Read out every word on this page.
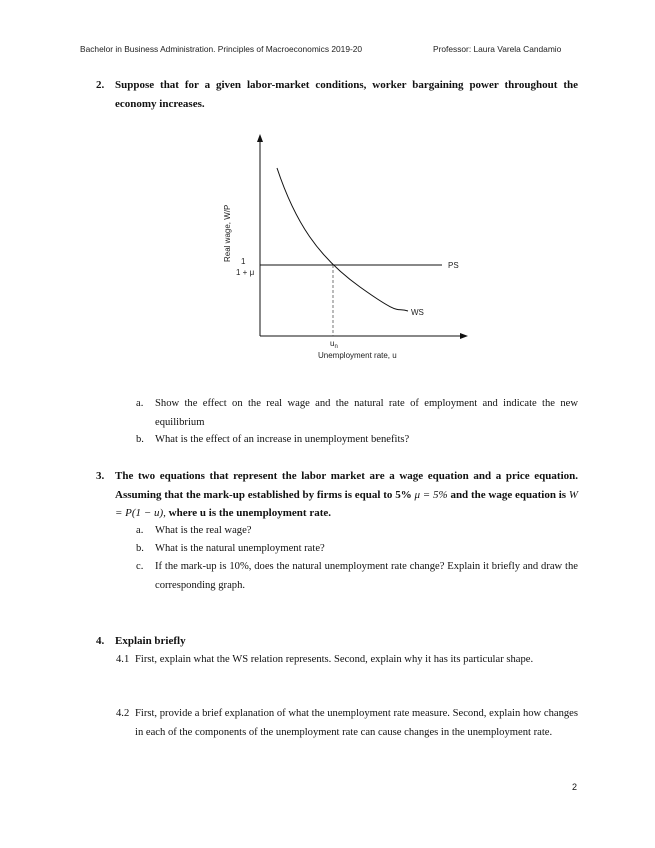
Bachelor in Business Administration. Principles of Macroeconomics 2019-20	Professor: Laura Varela Candamio
2. Suppose that for a given labor-market conditions, worker bargaining power throughout the economy increases.
Real wage, W/P 1
1 + μ
PS
WS
$u_n$
Unemployment rate, u
a. Show the effect on the real wage and the natural rate of employment and indicate the new equilibrium
b. What is the effect of an increase in unemployment benefits?
3. The two equations that represent the labor market are a wage equation and a price equation. Assuming that the mark-up established by firms is equal to 5% μ = 5% and the wage equation is W = P(1 − u), where u is the unemployment rate.
a. What is the real wage?
b. What is the natural unemployment rate?
c. If the mark-up is 10%, does the natural unemployment rate change? Explain it briefly and draw the corresponding graph.
4. Explain briefly
4.1 First, explain what the WS relation represents. Second, explain why it has its particular shape.
4.2 First, provide a brief explanation of what the unemployment rate measure. Second, explain how changes in each of the components of the unemployment rate can cause changes in the unemployment rate.
2
